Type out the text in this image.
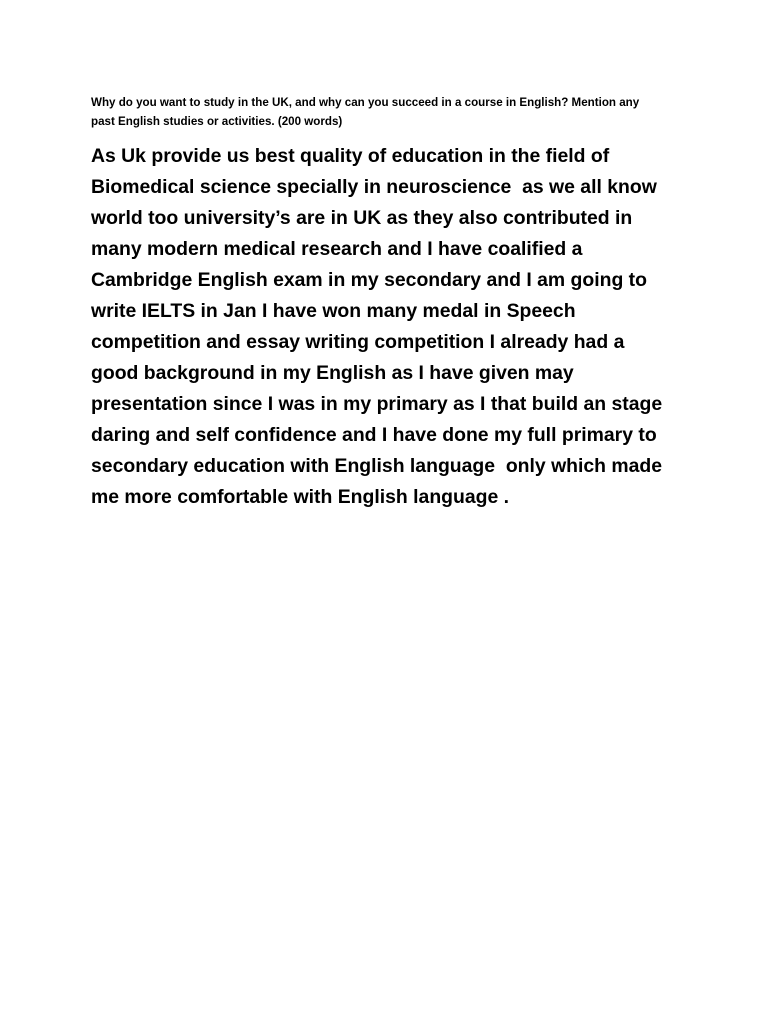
Why do you want to study in the UK, and why can you succeed in a course in English? Mention any
past English studies or activities. (200 words)

As Uk provide us best quality of education in the field of
Biomedical science specially in neuroscience  as we all know
world too university’s are in UK as they also contributed in
many modern medical research and I have coalified a
Cambridge English exam in my secondary and I am going to
write IELTS in Jan I have won many medal in Speech
competition and essay writing competition I already had a
good background in my English as I have given may
presentation since I was in my primary as I that build an stage
daring and self confidence and I have done my full primary to
secondary education with English language  only which made
me more comfortable with English language .
